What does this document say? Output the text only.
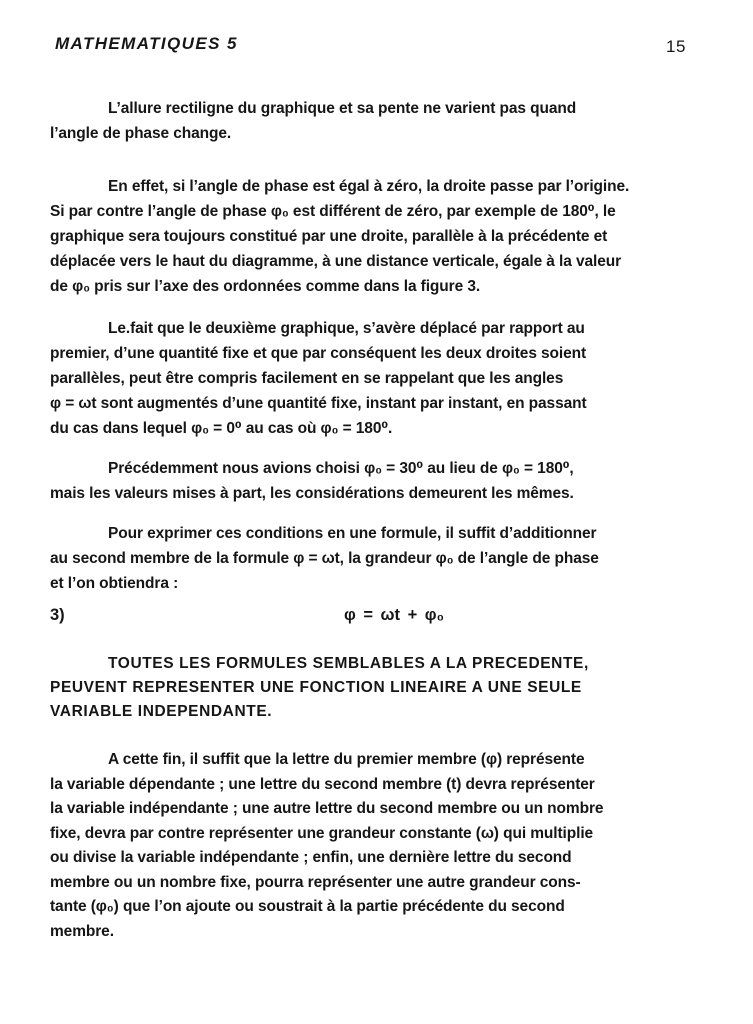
MATHEMATIQUES 5	15
L’allure rectiligne du graphique et sa pente ne varient pas quand
l’angle de phase change.
En effet, si l’angle de phase est égal à zéro, la droite passe par l’origine.
Si par contre l’angle de phase φ₀ est différent de zéro, par exemple de 180⁰, le
graphique sera toujours constitué par une droite, parallèle à la précédente et
déplacée vers le haut du diagramme, à une distance verticale, égale à la valeur
de φ₀ pris sur l’axe des ordonnées comme dans la figure 3.
Le.fait que le deuxième graphique, s’avère déplacé par rapport au
premier, d’une quantité fixe et que par conséquent les deux droites soient
parallèles, peut être compris facilement en se rappelant que les angles
φ = ωt sont augmentés d’une quantité fixe, instant par instant, en passant
du cas dans lequel φ₀ = 0⁰ au cas où φ₀ = 180⁰.
Précédemment nous avions choisi φ₀ = 30⁰ au lieu de φ₀ = 180⁰,
mais les valeurs mises à part, les considérations demeurent les mêmes.
Pour exprimer ces conditions en une formule, il suffit d’additionner
au second membre de la formule φ = ωt, la grandeur φ₀ de l’angle de phase
et l’on obtiendra :
3)	φ = ωt + φ₀
TOUTES LES FORMULES SEMBLABLES A LA PRECEDENTE,
PEUVENT REPRESENTER UNE FONCTION LINEAIRE A UNE SEULE
VARIABLE INDEPENDANTE.
A cette fin, il suffit que la lettre du premier membre (φ) représente
la variable dépendante ; une lettre du second membre (t) devra représenter
la variable indépendante ; une autre lettre du second membre ou un nombre
fixe, devra par contre représenter une grandeur constante (ω) qui multiplie
ou divise la variable indépendante ; enfin, une dernière lettre du second
membre ou un nombre fixe, pourra représenter une autre grandeur cons-
tante (φ₀) que l’on ajoute ou soustrait à la partie précédente du second
membre.
